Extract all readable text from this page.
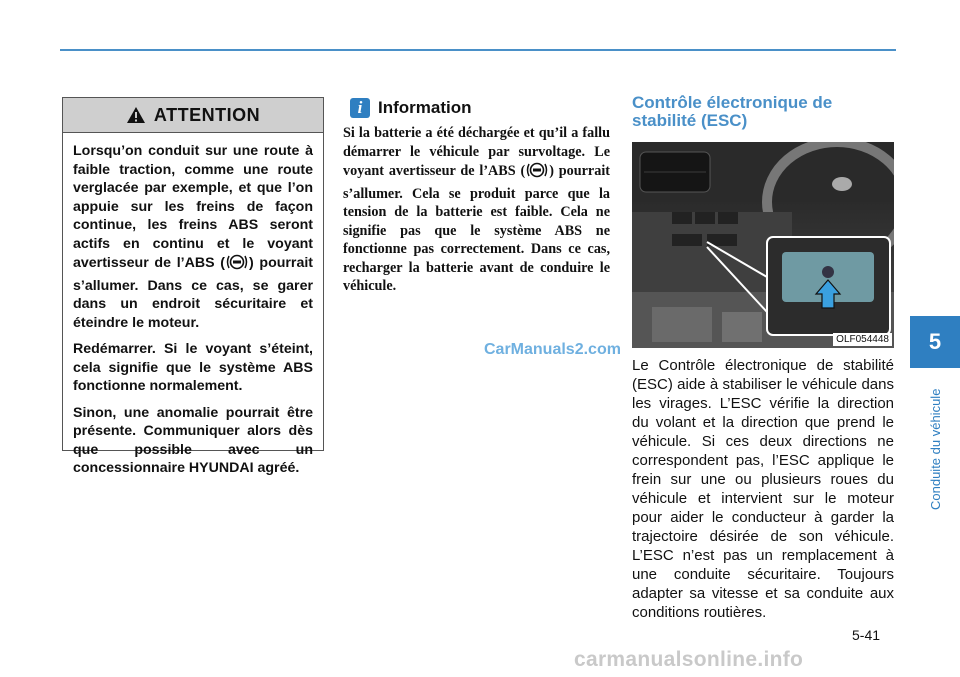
ATTENTION

Lorsqu’on conduit sur une route à faible traction, comme une route verglacée par exemple, et que l’on appuie sur les freins de façon continue, les freins ABS seront actifs en continu et le voyant avertisseur de l’ABS ( ) pourrait s’allumer. Dans ce cas, se garer dans un endroit sécuritaire et éteindre le moteur.

Redémarrer. Si le voyant s’éteint, cela signifie que le système ABS fonctionne normalement.

Sinon, une anomalie pourrait être présente. Communiquer alors dès que possible avec un concessionnaire HYUNDAI agréé.

i Information

Si la batterie a été déchargée et qu’il a fallu démarrer le véhicule par survoltage. Le voyant avertisseur de l’ABS ( ) pourrait s’allumer. Cela se produit parce que la tension de la batterie est faible. Cela ne signifie pas que le système ABS ne fonctionne pas correctement. Dans ce cas, recharger la batterie avant de conduire le véhicule.

CarManuals2.com
Contrôle électronique de stabilité (ESC)
OLF054448

Le Contrôle électronique de stabilité (ESC) aide à stabiliser le véhicule dans les virages. L’ESC vérifie la direction du volant et la direction que prend le véhicule. Si ces deux directions ne correspondent pas, l’ESC applique le frein sur une ou plusieurs roues du véhicule et intervient sur le moteur pour aider le conducteur à garder la trajectoire désirée de son véhicule. L’ESC n’est pas un remplacement à une conduite sécuritaire. Toujours adapter sa vitesse et sa conduite aux conditions routières.

5
Conduite du véhicule
5-41
carmanualsonline.info
